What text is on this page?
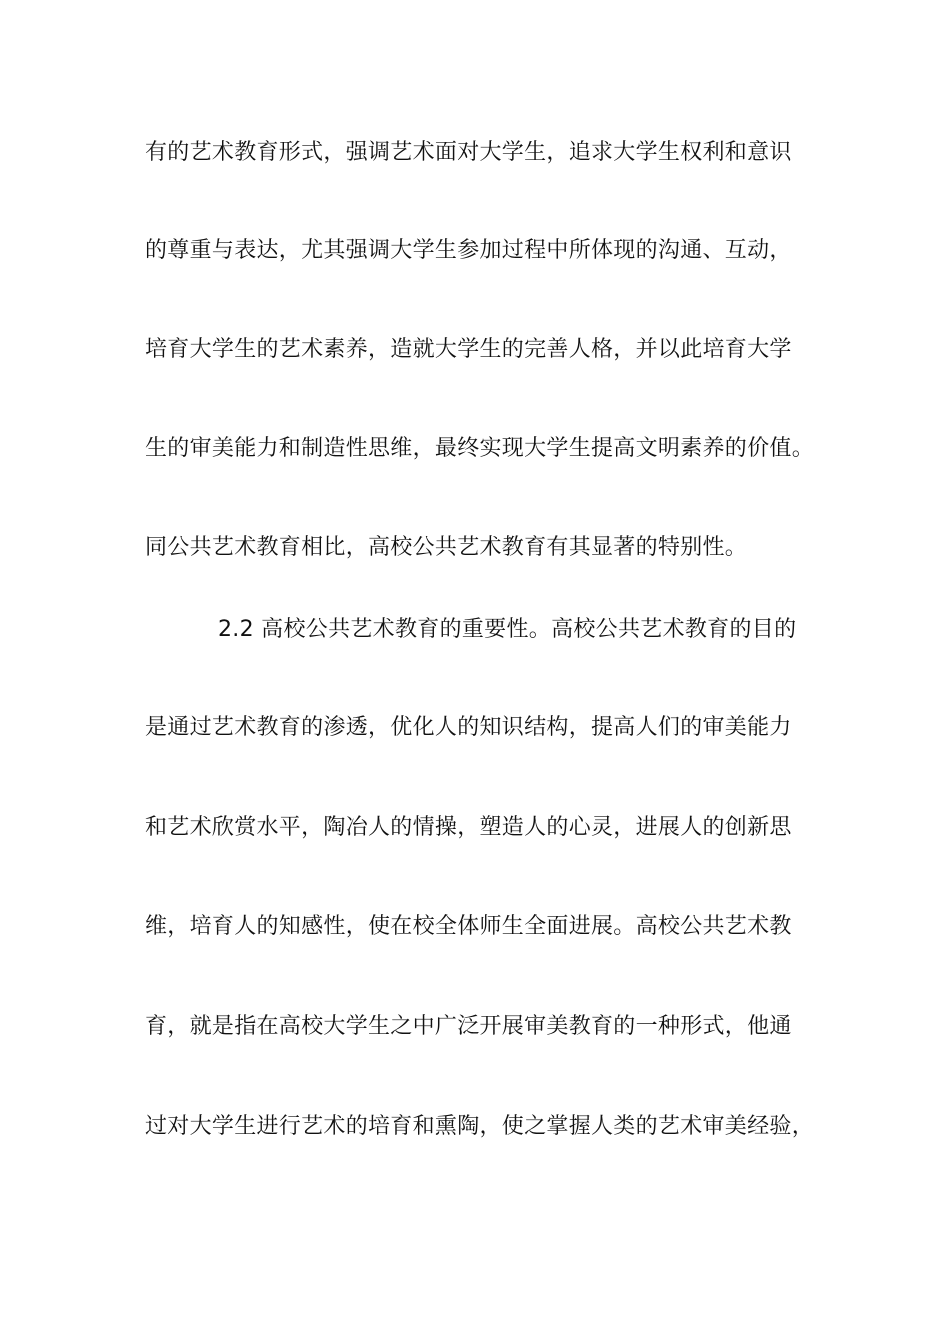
有的艺术教育形式，强调艺术面对大学生，追求大学生权利和意识
的尊重与表达，尤其强调大学生参加过程中所体现的沟通、互动，
培育大学生的艺术素养，造就大学生的完善人格，并以此培育大学
生的审美能力和制造性思维，最终实现大学生提高文明素养的价值。
同公共艺术教育相比，高校公共艺术教育有其显著的特别性。
2.2 高校公共艺术教育的重要性。高校公共艺术教育的目的
是通过艺术教育的渗透，优化人的知识结构，提高人们的审美能力
和艺术欣赏水平，陶冶人的情操，塑造人的心灵，进展人的创新思
维，培育人的知感性，使在校全体师生全面进展。高校公共艺术教
育，就是指在高校大学生之中广泛开展审美教育的一种形式，他通
过对大学生进行艺术的培育和熏陶，使之掌握人类的艺术审美经验，
